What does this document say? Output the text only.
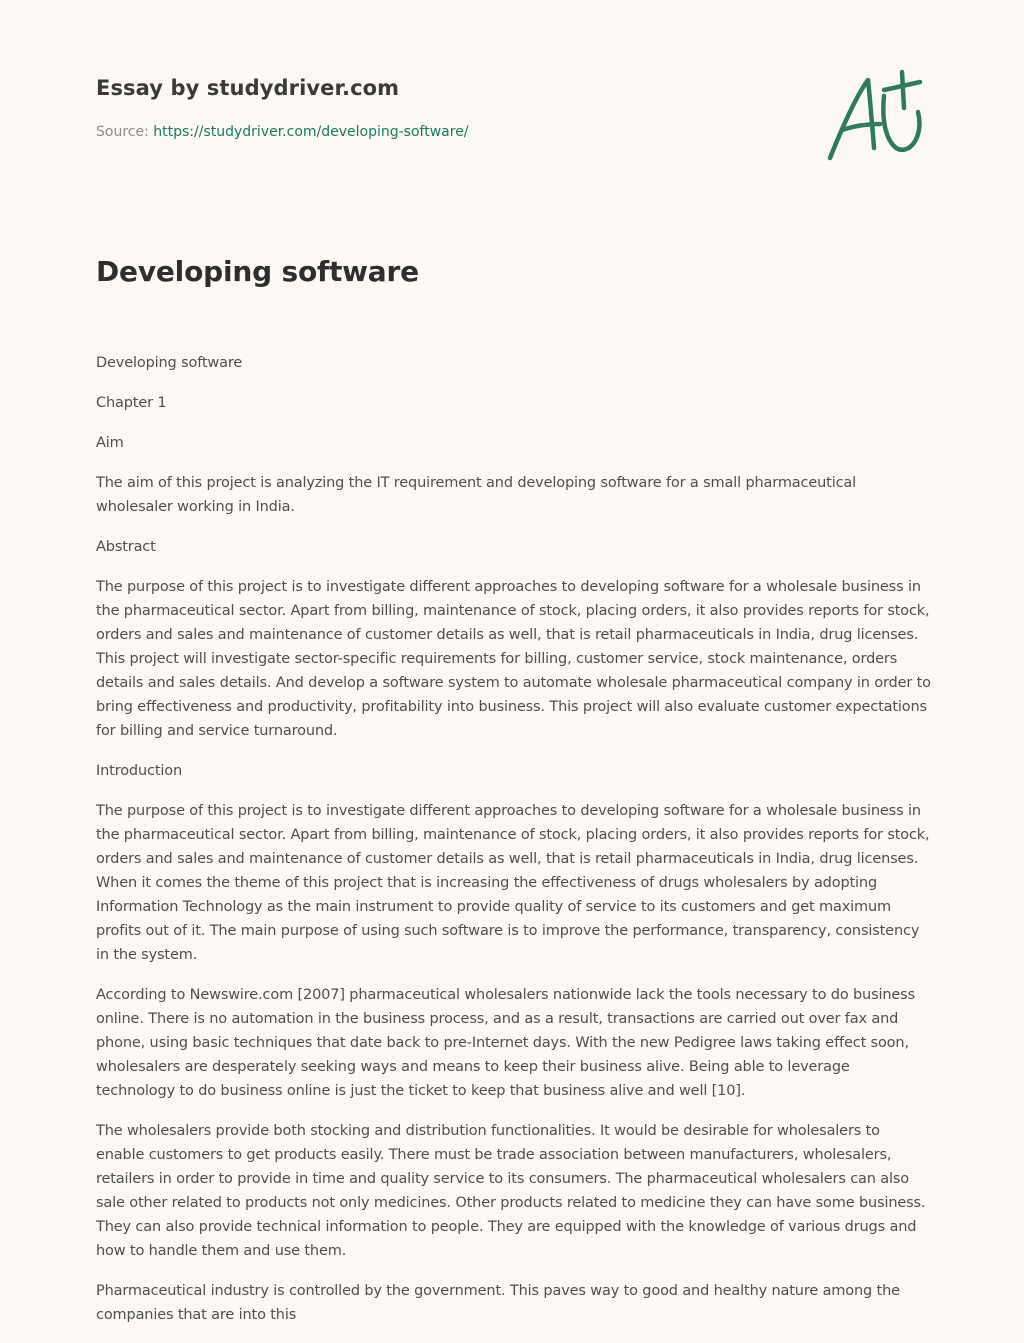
Essay by studydriver.com
Source: https://studydriver.com/developing-software/
Developing software

Developing software

Chapter 1

Aim

The aim of this project is analyzing the IT requirement and developing software for a small pharmaceutical wholesaler working in India.

Abstract

The purpose of this project is to investigate different approaches to developing software for a wholesale business in the pharmaceutical sector. Apart from billing, maintenance of stock, placing orders, it also provides reports for stock, orders and sales and maintenance of customer details as well, that is retail pharmaceuticals in India, drug licenses. This project will investigate sector-specific requirements for billing, customer service, stock maintenance, orders details and sales details. And develop a software system to automate wholesale pharmaceutical company in order to bring effectiveness and productivity, profitability into business. This project will also evaluate customer expectations for billing and service turnaround.

Introduction

The purpose of this project is to investigate different approaches to developing software for a wholesale business in the pharmaceutical sector. Apart from billing, maintenance of stock, placing orders, it also provides reports for stock, orders and sales and maintenance of customer details as well, that is retail pharmaceuticals in India, drug licenses. When it comes the theme of this project that is increasing the effectiveness of drugs wholesalers by adopting Information Technology as the main instrument to provide quality of service to its customers and get maximum profits out of it. The main purpose of using such software is to improve the performance, transparency, consistency in the system.

According to Newswire.com [2007] pharmaceutical wholesalers nationwide lack the tools necessary to do business online. There is no automation in the business process, and as a result, transactions are carried out over fax and phone, using basic techniques that date back to pre-Internet days. With the new Pedigree laws taking effect soon, wholesalers are desperately seeking ways and means to keep their business alive. Being able to leverage technology to do business online is just the ticket to keep that business alive and well [10].

The wholesalers provide both stocking and distribution functionalities. It would be desirable for wholesalers to enable customers to get products easily. There must be trade association between manufacturers, wholesalers, retailers in order to provide in time and quality service to its consumers. The pharmaceutical wholesalers can also sale other related to products not only medicines. Other products related to medicine they can have some business. They can also provide technical information to people. They are equipped with the knowledge of various drugs and how to handle them and use them.

Pharmaceutical industry is controlled by the government. This paves way to good and healthy nature among the companies that are into this
